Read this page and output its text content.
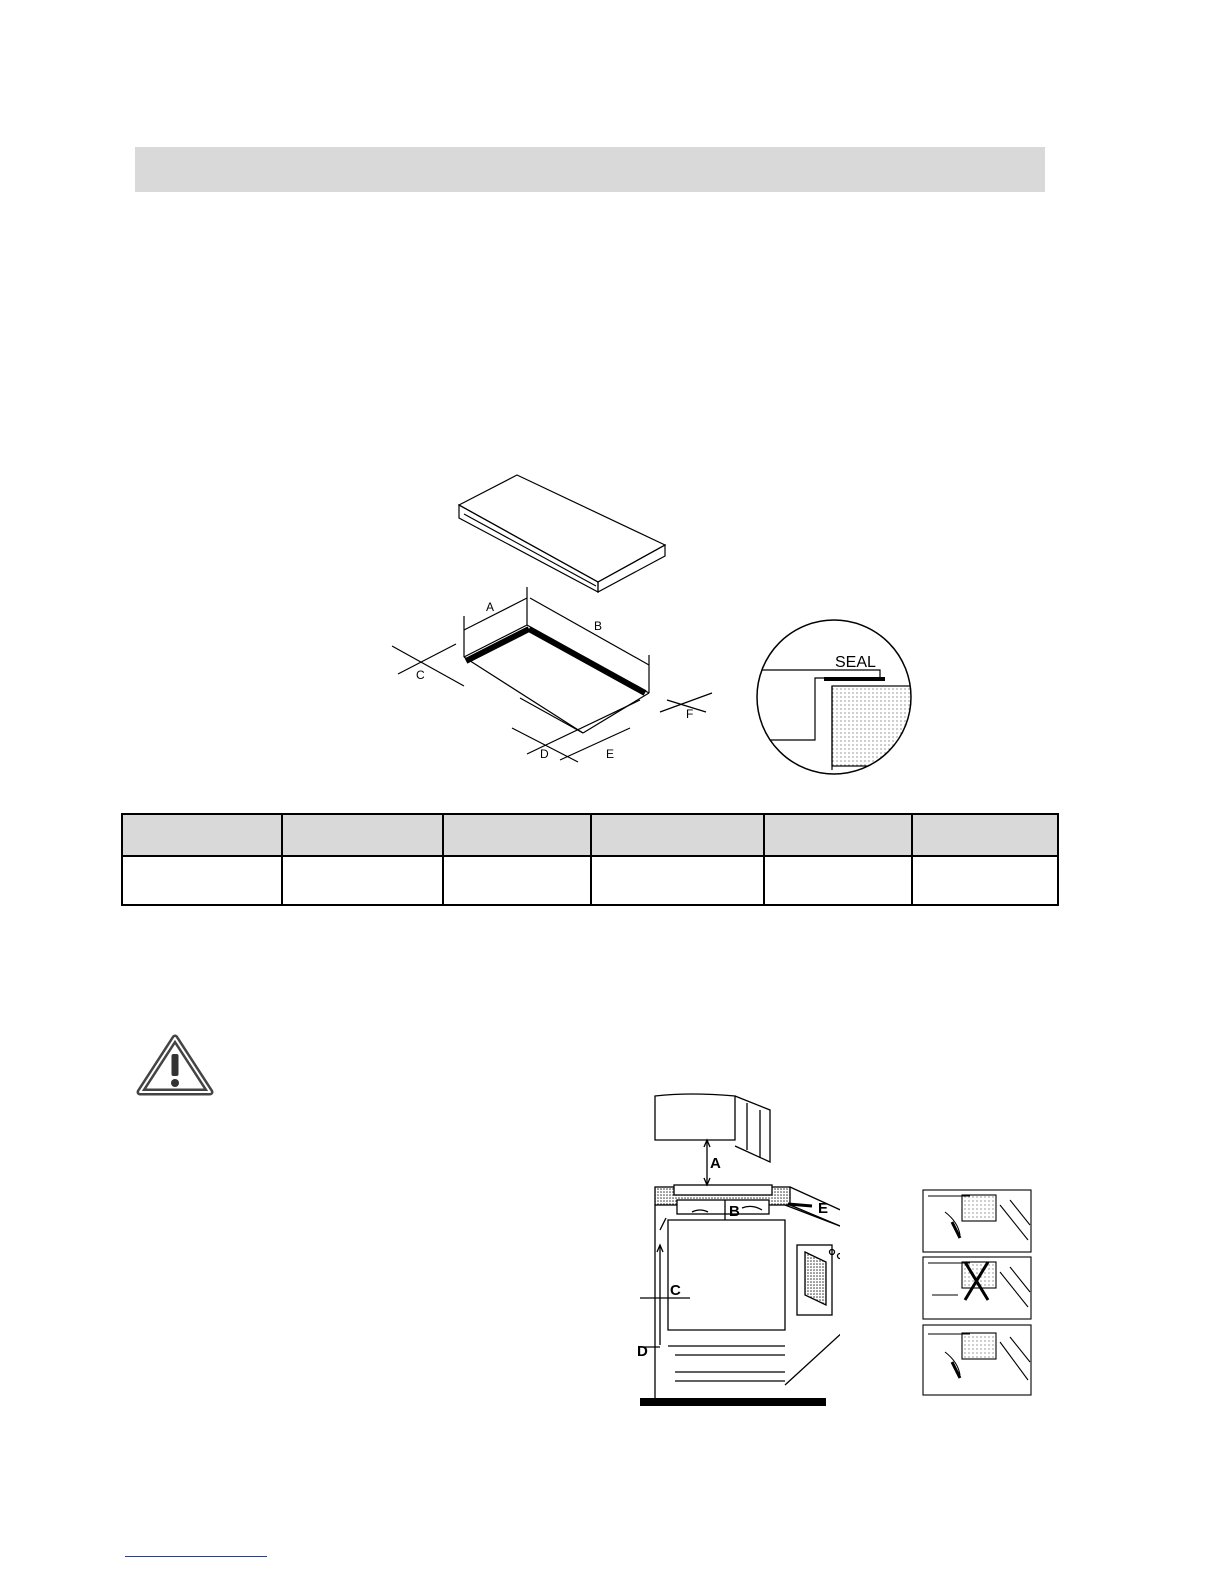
A
B
C
D	E
F
SEAL

A
B
C
D
E
